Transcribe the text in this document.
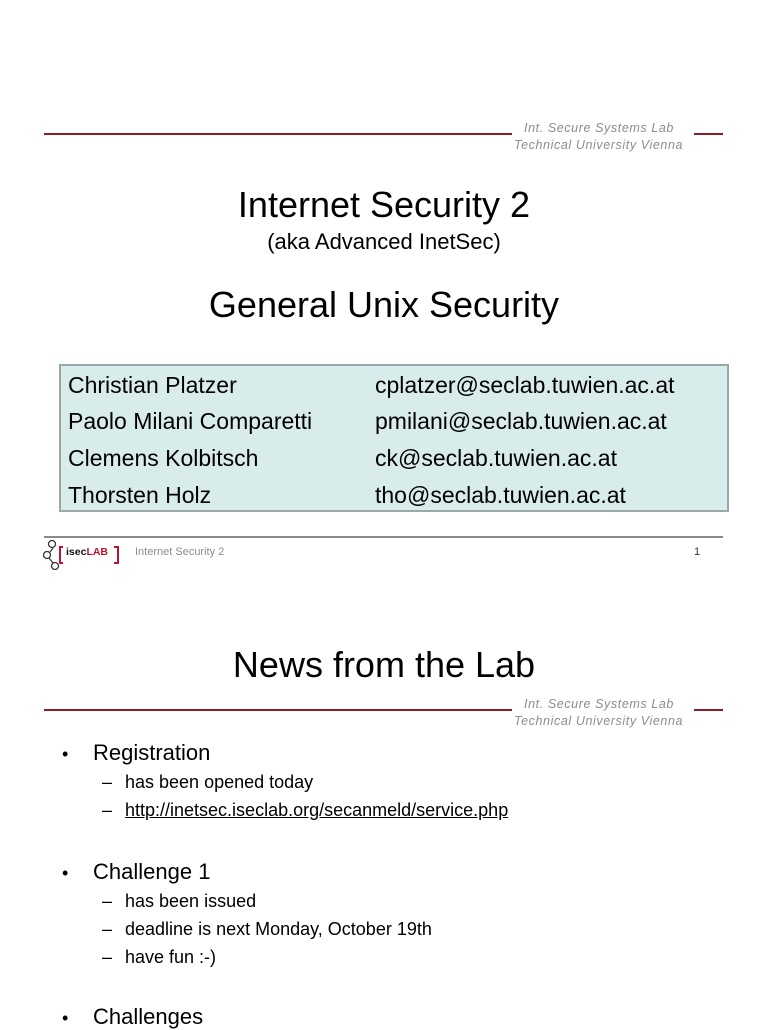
Int. Secure Systems Lab
Technical University Vienna
Internet Security 2
(aka Advanced InetSec)
General Unix Security
Christian Platzer	cplatzer@seclab.tuwien.ac.at
Paolo Milani Comparetti	pmilani@seclab.tuwien.ac.at
Clemens Kolbitsch	ck@seclab.tuwien.ac.at
Thorsten Holz	tho@seclab.tuwien.ac.at
isecLAB Internet Security 2	1
News from the Lab
Int. Secure Systems Lab
Technical University Vienna
• Registration
– has been opened today
– http://inetsec.iseclab.org/secanmeld/service.php
• Challenge 1
– has been issued
– deadline is next Monday, October 19th
– have fun :-)
• Challenges
